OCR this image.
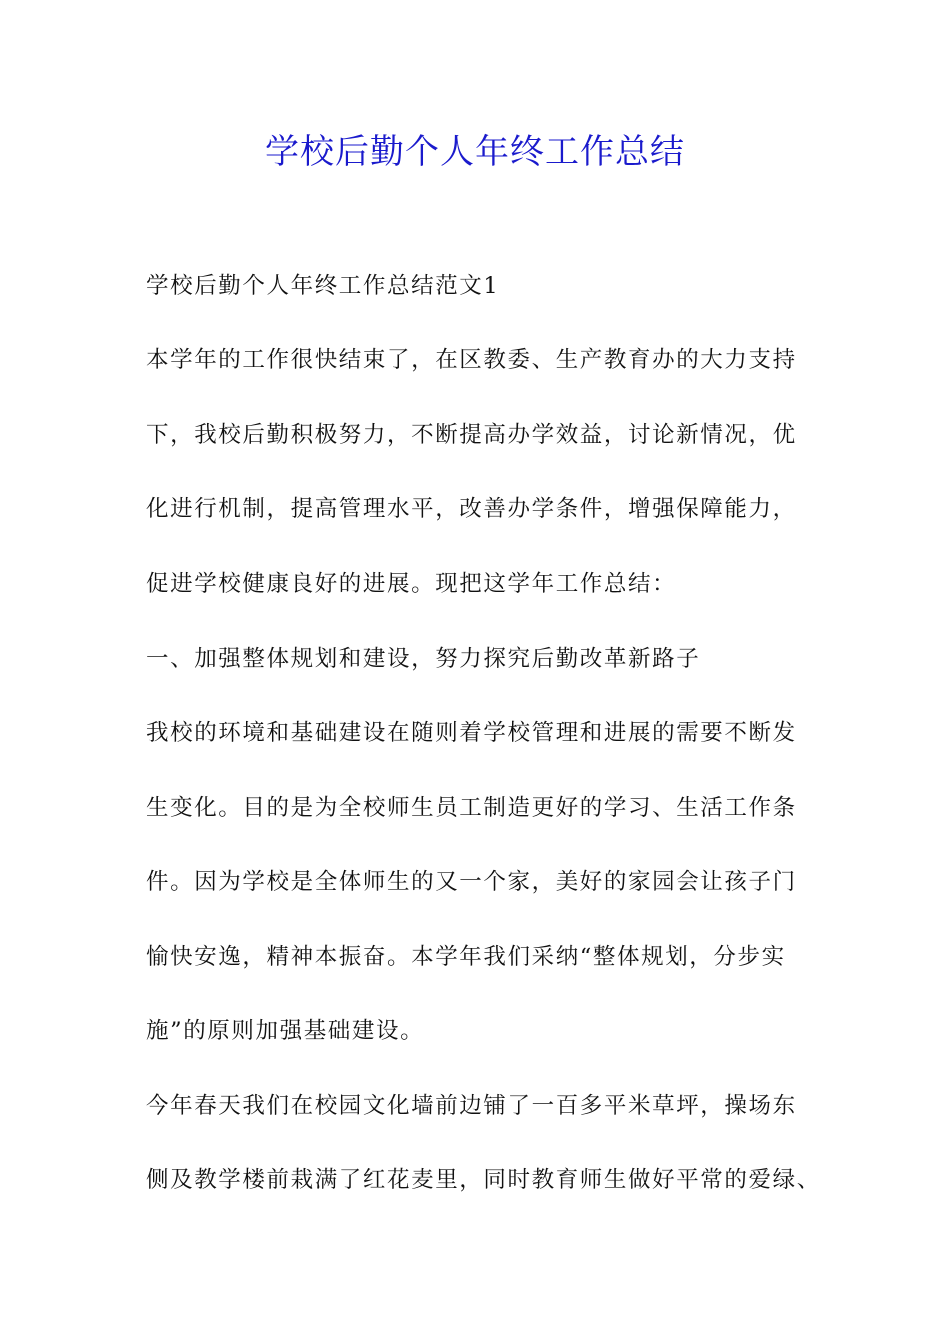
学校后勤个人年终工作总结
学校后勤个人年终工作总结范文1
本学年的工作很快结束了，在区教委、生产教育办的大力支持
下，我校后勤积极努力，不断提高办学效益，讨论新情况，优
化进行机制，提高管理水平，改善办学条件，增强保障能力，
促进学校健康良好的进展。现把这学年工作总结：
一、加强整体规划和建设，努力探究后勤改革新路子
我校的环境和基础建设在随则着学校管理和进展的需要不断发
生变化。目的是为全校师生员工制造更好的学习、生活工作条
件。因为学校是全体师生的又一个家，美好的家园会让孩子门
愉快安逸，精神本振奋。本学年我们采纳“整体规划，分步实
施”的原则加强基础建设。
今年春天我们在校园文化墙前边铺了一百多平米草坪，操场东
侧及教学楼前栽满了红花麦里，同时教育师生做好平常的爱绿、
